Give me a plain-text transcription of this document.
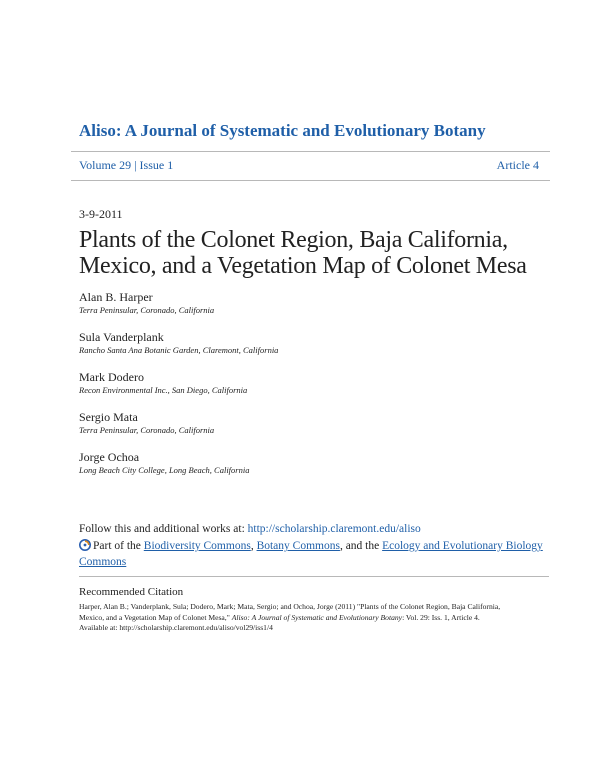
Aliso: A Journal of Systematic and Evolutionary Botany
Volume 29 | Issue 1	Article 4
3-9-2011
Plants of the Colonet Region, Baja California, Mexico, and a Vegetation Map of Colonet Mesa
Alan B. Harper
Terra Peninsular, Coronado, California
Sula Vanderplank
Rancho Santa Ana Botanic Garden, Claremont, California
Mark Dodero
Recon Environmental Inc., San Diego, California
Sergio Mata
Terra Peninsular, Coronado, California
Jorge Ochoa
Long Beach City College, Long Beach, California
Follow this and additional works at: http://scholarship.claremont.edu/aliso
Part of the Biodiversity Commons, Botany Commons, and the Ecology and Evolutionary Biology Commons
Recommended Citation
Harper, Alan B.; Vanderplank, Sula; Dodero, Mark; Mata, Sergio; and Ochoa, Jorge (2011) "Plants of the Colonet Region, Baja California, Mexico, and a Vegetation Map of Colonet Mesa," Aliso: A Journal of Systematic and Evolutionary Botany: Vol. 29: Iss. 1, Article 4.
Available at: http://scholarship.claremont.edu/aliso/vol29/iss1/4
